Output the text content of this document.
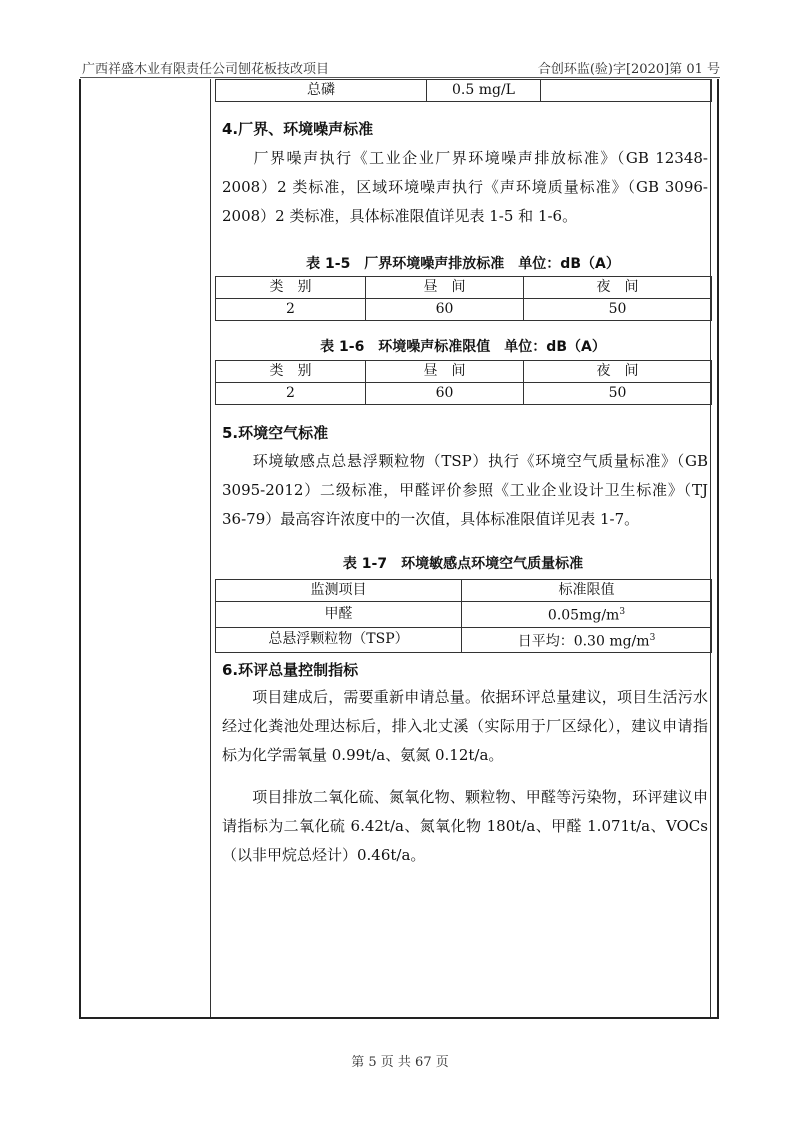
广西祥盛木业有限责任公司刨花板技改项目	合创环监(验)字[2020]第 01 号
总磷	0.5 mg/L	
4.厂界、环境噪声标准
厂界噪声执行《工业企业厂界环境噪声排放标准》（GB 12348-2008）2 类标准，区域环境噪声执行《声环境质量标准》（GB 3096-2008）2 类标准，具体标准限值详见表 1-5 和 1-6。
表 1-5　厂界环境噪声排放标准　单位：dB（A）
类　别	昼　间	夜　间
2	60	50
表 1-6　环境噪声标准限值　单位：dB（A）
类　别	昼　间	夜　间
2	60	50
5.环境空气标准
环境敏感点总悬浮颗粒物（TSP）执行《环境空气质量标准》（GB 3095-2012）二级标准，甲醛评价参照《工业企业设计卫生标准》（TJ 36-79）最高容许浓度中的一次值，具体标准限值详见表 1-7。
表 1-7　环境敏感点环境空气质量标准
监测项目	标准限值
甲醛	$0.05mg/m^3$
总悬浮颗粒物（TSP）	日平均：0.30 $mg/m^3$
6.环评总量控制指标
项目建成后，需要重新申请总量。依据环评总量建议，项目生活污水经过化粪池处理达标后，排入北丈溪（实际用于厂区绿化），建议申请指标为化学需氧量 0.99t/a、氨氮 0.12t/a。
项目排放二氧化硫、氮氧化物、颗粒物、甲醛等污染物，环评建议申请指标为二氧化硫 6.42t/a、氮氧化物 180t/a、甲醛 1.071t/a、VOCs（以非甲烷总烃计）0.46t/a。
第 5 页 共 67 页
